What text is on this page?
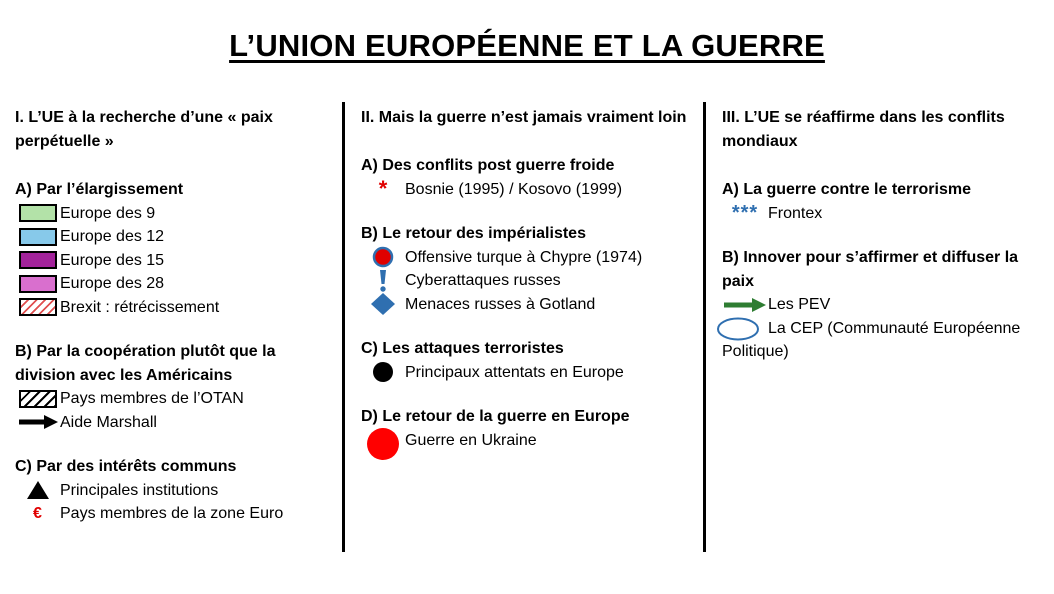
L’UNION EUROPÉENNE ET LA GUERRE
I. L’UE à la recherche d’une « paix perpétuelle »
A) Par l’élargissement
Europe des 9
Europe des 12
Europe des 15
Europe des 28
Brexit : rétrécissement
B) Par la coopération plutôt que la division avec les Américains
Pays membres de l’OTAN
Aide Marshall
C) Par des intérêts communs
Principales institutions
€ Pays membres de la zone Euro
II. Mais la guerre n’est jamais vraiment loin
A) Des conflits post guerre froide
* Bosnie (1995) / Kosovo (1999)
B) Le retour des impérialistes
Offensive turque à Chypre (1974)
Cyberattaques russes
Menaces russes à Gotland
C) Les attaques terroristes
Principaux attentats en Europe
D) Le retour de la guerre en Europe
Guerre en Ukraine
III. L’UE se réaffirme dans les conflits mondiaux
A) La guerre contre le terrorisme
*** Frontex
B) Innover pour s’affirmer et diffuser la paix
Les PEV
La CEP (Communauté Européenne Politique)
